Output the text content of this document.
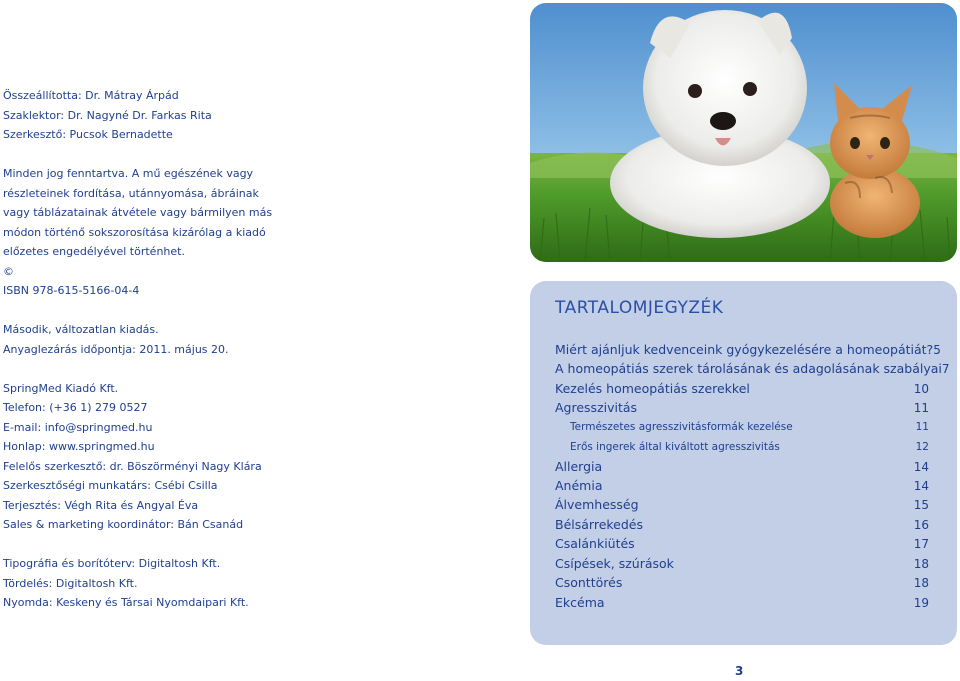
Összeállította: Dr. Mátray Árpád

Szaklektor: Dr. Nagyné Dr. Farkas Rita

Szerkesztő: Pucsok Bernadette

Minden jog fenntartva. A mű egészének vagy

részleteinek fordítása, utánnyomása, ábráinak

vagy táblázatainak átvétele vagy bármilyen más

módon történő sokszorosítása kizárólag a kiadó

előzetes engedélyével történhet.

©

ISBN 978-615-5166-04-4

Második, változatlan kiadás.

Anyaglezárás időpontja: 2011. május 20.

SpringMed Kiadó Kft.

Telefon: (+36 1) 279 0527

E-mail: info@springmed.hu

Honlap: www.springmed.hu

Felelős szerkesztő: dr. Böszörményi Nagy Klára

Szerkesztőségi munkatárs: Csébi Csilla

Terjesztés: Végh Rita és Angyal Éva

Sales & marketing koordinátor: Bán Csanád

Tipográfia és borítóterv: Digitaltosh Kft.

Tördelés: Digitaltosh Kft.

Nyomda: Keskeny és Társai Nyomdaipari Kft.

TARTALOMJEGYZÉK
Miért ajánljuk kedvenceink gyógykezelésére a homeopátiát? 5
A homeopátiás szerek tárolásának és adagolásának szabályai 7
Kezelés homeopátiás szerekkel	10
Agresszivitás	11
Természetes agresszivitásformák kezelése	11
Erős ingerek által kiváltott agresszivitás	12
Allergia	14
Anémia	14
Álvemhesség	15
Bélsárrekedés	16
Csalánkiütés	17
Csípések, szúrások	18
Csonttörés	18
Ekcéma	19
3
